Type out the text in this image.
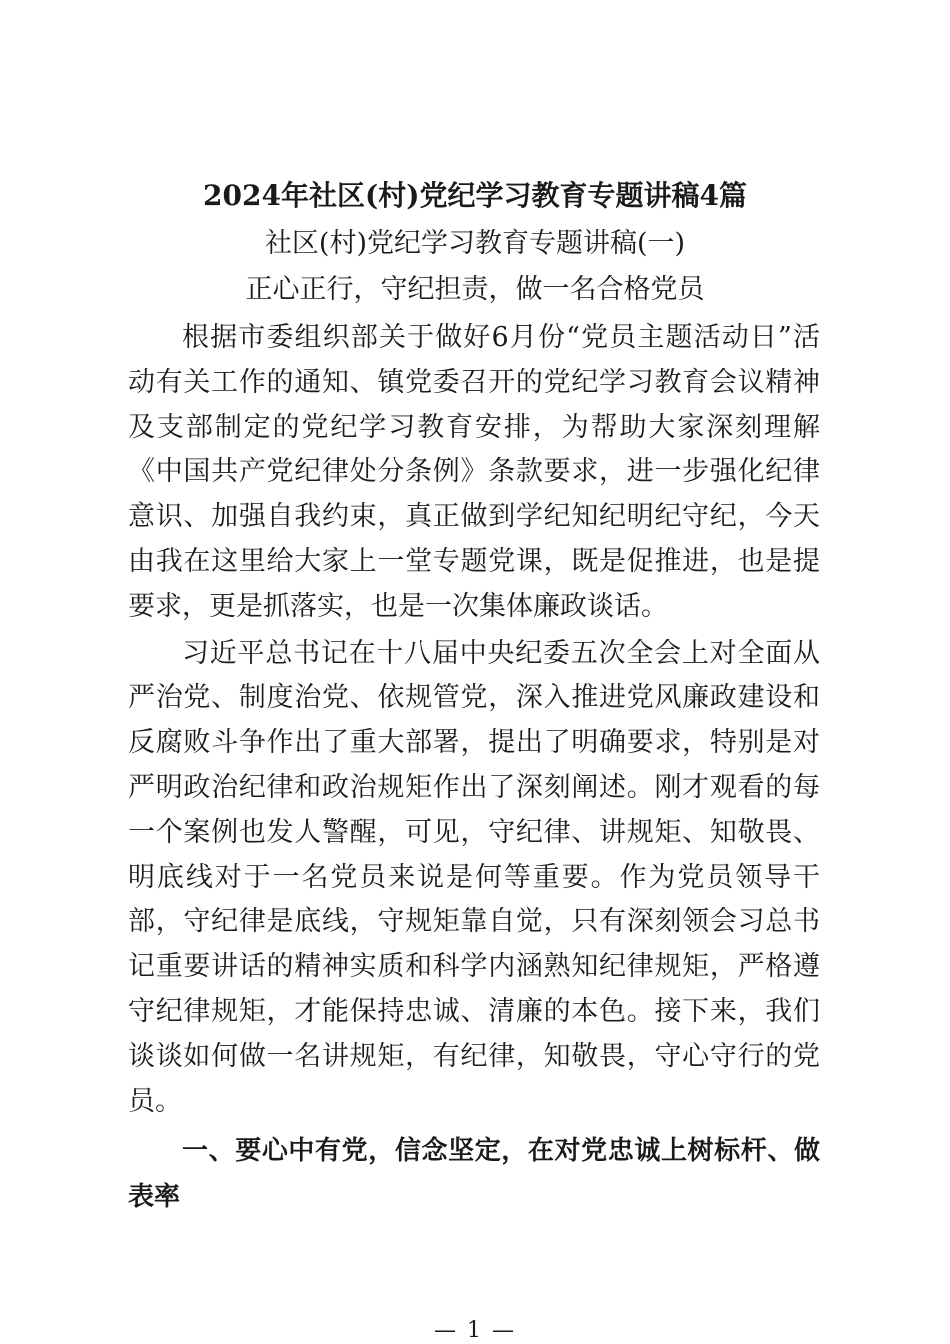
2024年社区(村)党纪学习教育专题讲稿4篇
社区(村)党纪学习教育专题讲稿(一)
正心正行，守纪担责，做一名合格党员

根据市委组织部关于做好6月份“党员主题活动日”活动有关工作的通知、镇党委召开的党纪学习教育会议精神及支部制定的党纪学习教育安排，为帮助大家深刻理解《中国共产党纪律处分条例》条款要求，进一步强化纪律意识、加强自我约束，真正做到学纪知纪明纪守纪，今天由我在这里给大家上一堂专题党课，既是促推进，也是提要求，更是抓落实，也是一次集体廉政谈话。

习近平总书记在十八届中央纪委五次全会上对全面从严治党、制度治党、依规管党，深入推进党风廉政建设和反腐败斗争作出了重大部署，提出了明确要求，特别是对严明政治纪律和政治规矩作出了深刻阐述。刚才观看的每一个案例也发人警醒，可见，守纪律、讲规矩、知敬畏、明底线对于一名党员来说是何等重要。作为党员领导干部，守纪律是底线，守规矩靠自觉，只有深刻领会习总书记重要讲话的精神实质和科学内涵熟知纪律规矩，严格遵守纪律规矩，才能保持忠诚、清廉的本色。接下来，我们谈谈如何做一名讲规矩，有纪律，知敬畏，守心守行的党员。

一、要心中有党，信念坚定，在对党忠诚上树标杆、做表率

— 1 —
